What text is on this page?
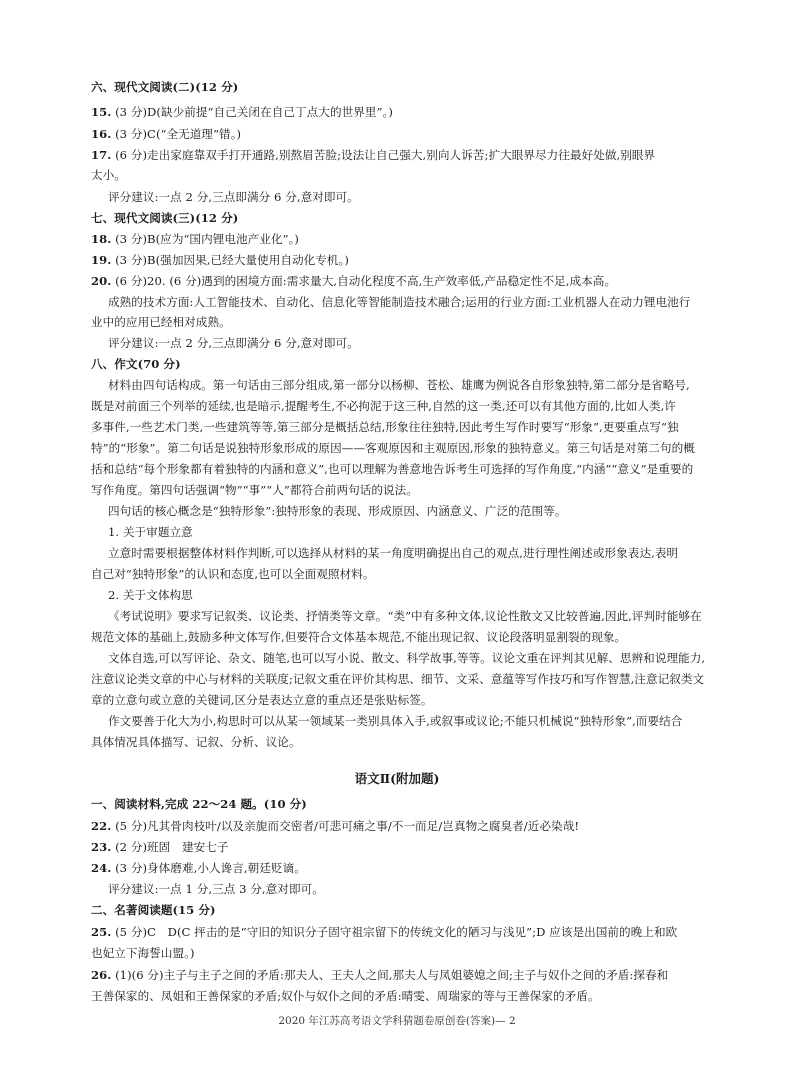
六、现代文阅读(二)(12 分)
15. (3 分)D(缺少前提“自己关闭在自己丁点大的世界里”。)
16. (3 分)C(“全无道理”错。)
17. (6 分)走出家庭靠双手打开通路,别熬眉苦脸;设法让自己强大,别向人诉苦;扩大眼界尽力往最好处做,别眼界
太小。
评分建议:一点 2 分,三点即满分 6 分,意对即可。
七、现代文阅读(三)(12 分)
18. (3 分)B(应为“国内锂电池产业化”。)
19. (3 分)B(强加因果,已经大量使用自动化专机。)
20. (6 分)20. (6 分)遇到的困境方面:需求量大,自动化程度不高,生产效率低,产品稳定性不足,成本高。
成熟的技术方面:人工智能技术、自动化、信息化等智能制造技术融合;运用的行业方面:工业机器人在动力锂电池行
业中的应用已经相对成熟。
评分建议:一点 2 分,三点即满分 6 分,意对即可。
八、作文(70 分)
材料由四句话构成。第一句话由三部分组成,第一部分以杨柳、苍松、雄鹰为例说各自形象独特,第二部分是省略号,
既是对前面三个列举的延续,也是暗示,提醒考生,不必拘泥于这三种,自然的这一类,还可以有其他方面的,比如人类,许
多事件,一些艺术门类,一些建筑等等,第三部分是概括总结,形象往往独特,因此考生写作时要写“形象”,更要重点写“独
特”的“形象”。第二句话是说独特形象形成的原因——客观原因和主观原因,形象的独特意义。第三句话是对第二句的概
括和总结“每个形象都有着独特的内涵和意义”,也可以理解为善意地告诉考生可选择的写作角度,“内涵”“意义”是重要的
写作角度。第四句话强调“物”“事”“人”都符合前两句话的说法。
四句话的核心概念是“独特形象”:独特形象的表现、形成原因、内涵意义、广泛的范围等。
1. 关于审题立意
立意时需要根据整体材料作判断,可以选择从材料的某一角度明确提出自己的观点,进行理性阐述或形象表达,表明
自己对“独特形象”的认识和态度,也可以全面观照材料。
2. 关于文体构思
《考试说明》要求写记叙类、议论类、抒情类等文章。“类”中有多种文体,议论性散文又比较普遍,因此,评判时能够在
规范文体的基础上,鼓励多种文体写作,但要符合文体基本规范,不能出现记叙、议论段落明显割裂的现象。
文体自选,可以写评论、杂文、随笔,也可以写小说、散文、科学故事,等等。议论文重在评判其见解、思辨和说理能力,
注意议论类文章的中心与材料的关联度;记叙文重在评价其构思、细节、文采、意蕴等写作技巧和写作智慧,注意记叙类文
章的立意句或立意的关键词,区分是表达立意的重点还是张贴标签。
作文要善于化大为小,构思时可以从某一领域某一类别具体入手,或叙事或议论;不能只机械说“独特形象”,而要结合
具体情况具体描写、记叙、分析、议论。
语文Ⅱ(附加题)
一、阅读材料,完成 22～24 题。(10 分)
22. (5 分)凡其骨肉枝叶/以及亲旎而交密者/可悲可痛之事/不一而足/岂真物之腐臭者/近必染哉!
23. (2 分)班固　建安七子
24. (3 分)身体磨难,小人谗言,朝廷贬谪。
评分建议:一点 1 分,三点 3 分,意对即可。
二、名著阅读题(15 分)
25. (5 分)C　D(C 抨击的是“守旧的知识分子固守祖宗留下的传统文化的陋习与浅见”;D 应该是出国前的晚上和欧
也妃立下海誓山盟。)
26. (1)(6 分)主子与主子之间的矛盾:那夫人、王夫人之间,那夫人与凤姐婆媳之间;主子与奴仆之间的矛盾:探春和
王善保家的、凤姐和王善保家的矛盾;奴仆与奴仆之间的矛盾:晴雯、周瑞家的等与王善保家的矛盾。
2020 年江苏高考语文学科猜题卷原创卷(答案)— 2
